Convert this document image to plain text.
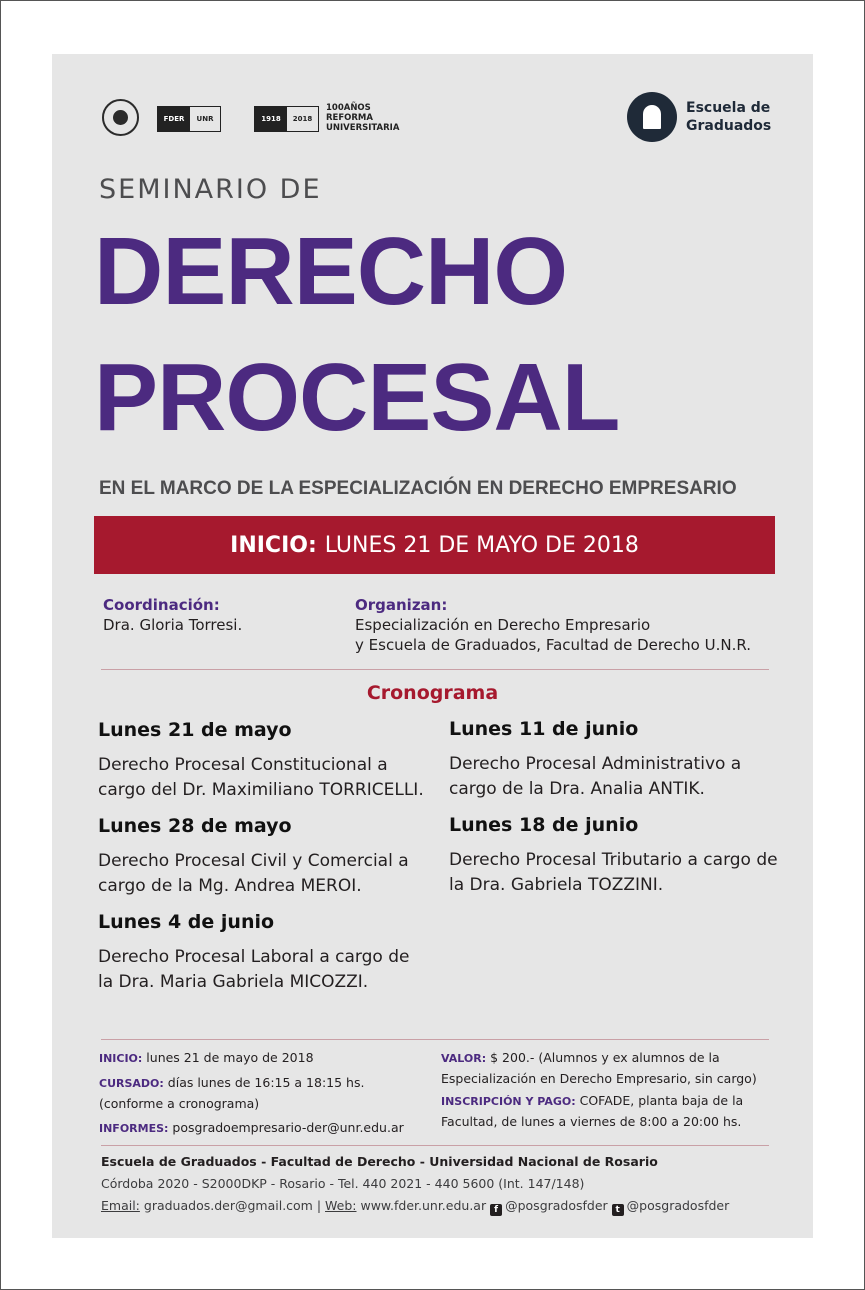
FDER	UNR	1918	2018
100AÑOS
REFORMA
UNIVERSITARIA
Escuela de
Graduados
SEMINARIO DE
DERECHO
PROCESAL
EN EL MARCO DE LA ESPECIALIZACIÓN EN DERECHO EMPRESARIO
INICIO: LUNES 21 DE MAYO DE 2018
Coordinación:
Dra. Gloria Torresi.
Organizan:
Especialización en Derecho Empresario
y Escuela de Graduados, Facultad de Derecho U.N.R.
Cronograma
Lunes 21 de mayo

Derecho Procesal Constitucional a cargo del Dr. Maximiliano TORRICELLI.

Lunes 28 de mayo

Derecho Procesal Civil y Comercial a cargo de la Mg. Andrea MEROI.

Lunes 4 de junio

Derecho Procesal Laboral a cargo de la Dra. Maria Gabriela MICOZZI.

Lunes 11 de junio

Derecho Procesal Administrativo a cargo de la Dra. Analia ANTIK.

Lunes 18 de junio

Derecho Procesal Tributario a cargo de la Dra. Gabriela TOZZINI.

INICIO: lunes 21 de mayo de 2018
CURSADO: días lunes de 16:15 a 18:15 hs. (conforme a cronograma)
INFORMES: posgradoempresario-der@unr.edu.ar
VALOR: $ 200.- (Alumnos y ex alumnos de la Especialización en Derecho Empresario, sin cargo)
INSCRIPCIÓN Y PAGO: COFADE, planta baja de la Facultad, de lunes a viernes de 8:00 a 20:00 hs.
Escuela de Graduados - Facultad de Derecho - Universidad Nacional de Rosario
Córdoba 2020 - S2000DKP - Rosario - Tel. 440 2021 - 440 5600 (Int. 147/148)
Email: graduados.der@gmail.com | Web: www.fder.unr.edu.ar f @posgradosfder t @posgradosfder
